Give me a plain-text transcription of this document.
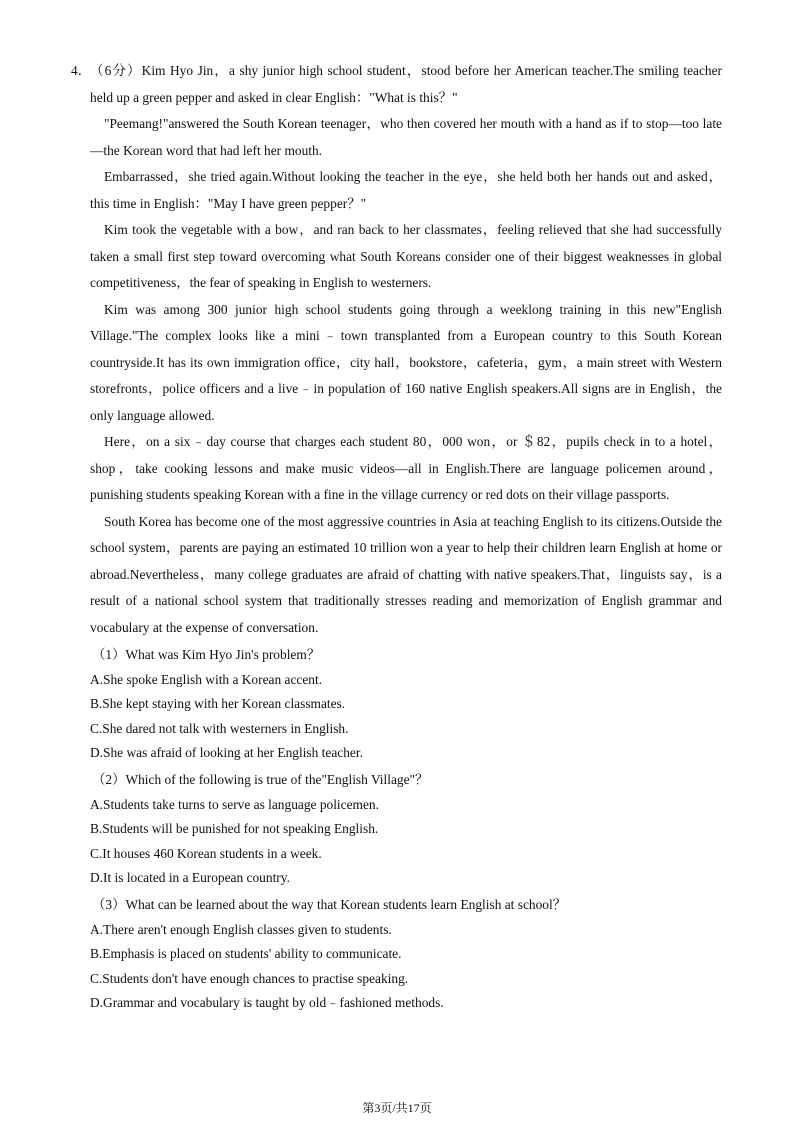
4．
（6分）Kim Hyo Jin，a shy junior high school student，stood before her American teacher.The smiling teacher held up a green pepper and asked in clear English："What is this？"

"Peemang!"answered the South Korean teenager，who then covered her mouth with a hand as if to stop—too late—the Korean word that had left her mouth.

Embarrassed，she tried again.Without looking the teacher in the eye，she held both her hands out and asked，this time in English："May I have green pepper？"

Kim took the vegetable with a bow，and ran back to her classmates，feeling relieved that she had successfully taken a small first step toward overcoming what South Koreans consider one of their biggest weaknesses in global competitiveness，the fear of speaking in English to westerners.

Kim was among 300 junior high school students going through a weeklong training in this new"English Village."The complex looks like a mini﹣town transplanted from a European country to this South Korean countryside.It has its own immigration office，city hall，bookstore，cafeteria，gym，a main street with Western storefronts，police officers and a live﹣in population of 160 native English speakers.All signs are in English，the only language allowed.

Here，on a six﹣day course that charges each student 80，000 won，or ＄82，pupils check in to a hotel，shop，take cooking lessons and make music videos—all in English.There are language policemen around，punishing students speaking Korean with a fine in the village currency or red dots on their village passports.

South Korea has become one of the most aggressive countries in Asia at teaching English to its citizens.Outside the school system，parents are paying an estimated 10 trillion won a year to help their children learn English at home or abroad.Nevertheless，many college graduates are afraid of chatting with native speakers.That，linguists say，is a result of a national school system that traditionally stresses reading and memorization of English grammar and vocabulary at the expense of conversation.

（1）What was Kim Hyo Jin's problem？

A.She spoke English with a Korean accent.

B.She kept staying with her Korean classmates.

C.She dared not talk with westerners in English.

D.She was afraid of looking at her English teacher.

（2）Which of the following is true of the"English Village"？

A.Students take turns to serve as language policemen.

B.Students will be punished for not speaking English.

C.It houses 460 Korean students in a week.

D.It is located in a European country.

（3）What can be learned about the way that Korean students learn English at school？

A.There aren't enough English classes given to students.

B.Emphasis is placed on students' ability to communicate.

C.Students don't have enough chances to practise speaking.

D.Grammar and vocabulary is taught by old﹣fashioned methods.

第3页/共17页
